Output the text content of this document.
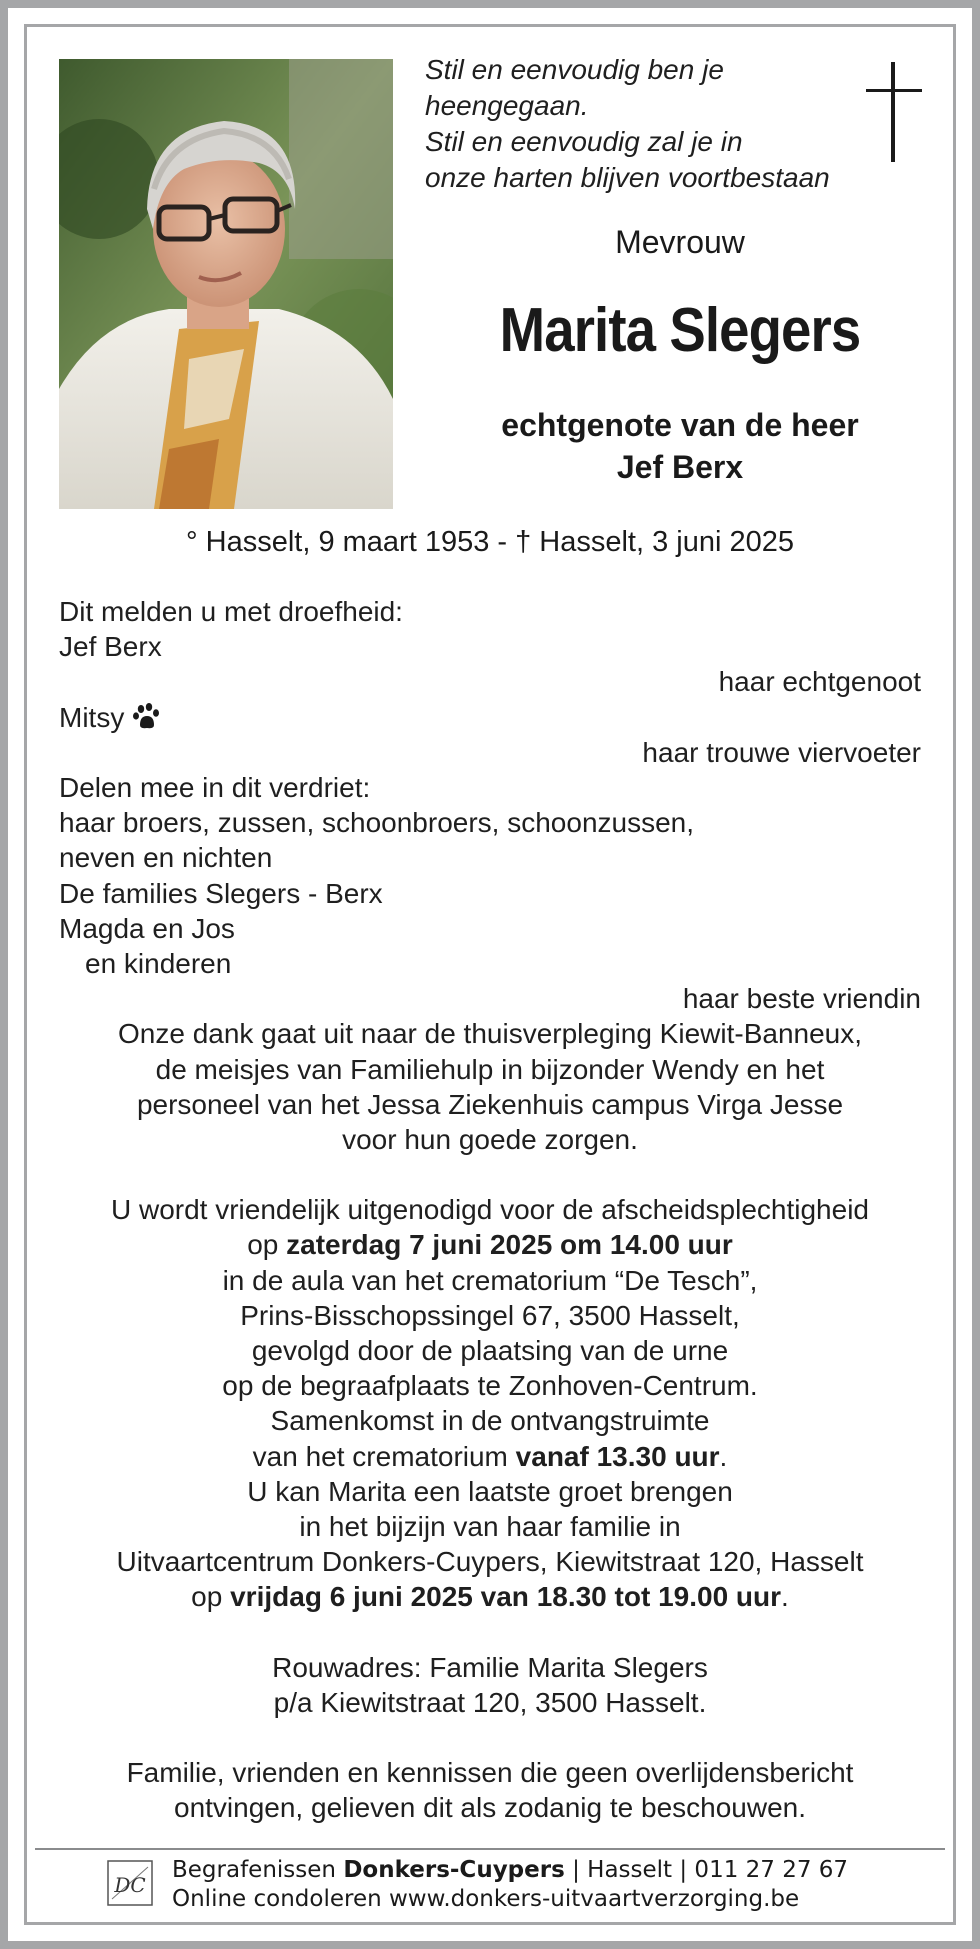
Stil en eenvoudig ben je
heengegaan.
Stil en eenvoudig zal je in
onze harten blijven voortbestaan
Mevrouw
Marita Slegers
echtgenote van de heer
Jef Berx
° Hasselt, 9 maart 1953 - † Hasselt, 3 juni 2025
Dit melden u met droefheid:
Jef Berx
haar echtgenoot
Mitsy
haar trouwe viervoeter
Delen mee in dit verdriet:
haar broers, zussen, schoonbroers, schoonzussen,
neven en nichten
De families Slegers - Berx
Magda en Jos
en kinderen
haar beste vriendin
Onze dank gaat uit naar de thuisverpleging Kiewit-Banneux,
de meisjes van Familiehulp in bijzonder Wendy en het
personeel van het Jessa Ziekenhuis campus Virga Jesse
voor hun goede zorgen.
U wordt vriendelijk uitgenodigd voor de afscheidsplechtigheid
op zaterdag 7 juni 2025 om 14.00 uur
in de aula van het crematorium “De Tesch”,
Prins-Bisschopssingel 67, 3500 Hasselt,
gevolgd door de plaatsing van de urne
op de begraafplaats te Zonhoven-Centrum.
Samenkomst in de ontvangstruimte
van het crematorium vanaf 13.30 uur.
U kan Marita een laatste groet brengen
in het bijzijn van haar familie in
Uitvaartcentrum Donkers-Cuypers, Kiewitstraat 120, Hasselt
op vrijdag 6 juni 2025 van 18.30 tot 19.00 uur.
Rouwadres: Familie Marita Slegers
p/a Kiewitstraat 120, 3500 Hasselt.
Familie, vrienden en kennissen die geen overlijdensbericht
ontvingen, gelieven dit als zodanig te beschouwen.
DC
Begrafenissen Donkers-Cuypers | Hasselt | 011 27 27 67
Online condoleren www.donkers-uitvaartverzorging.be
